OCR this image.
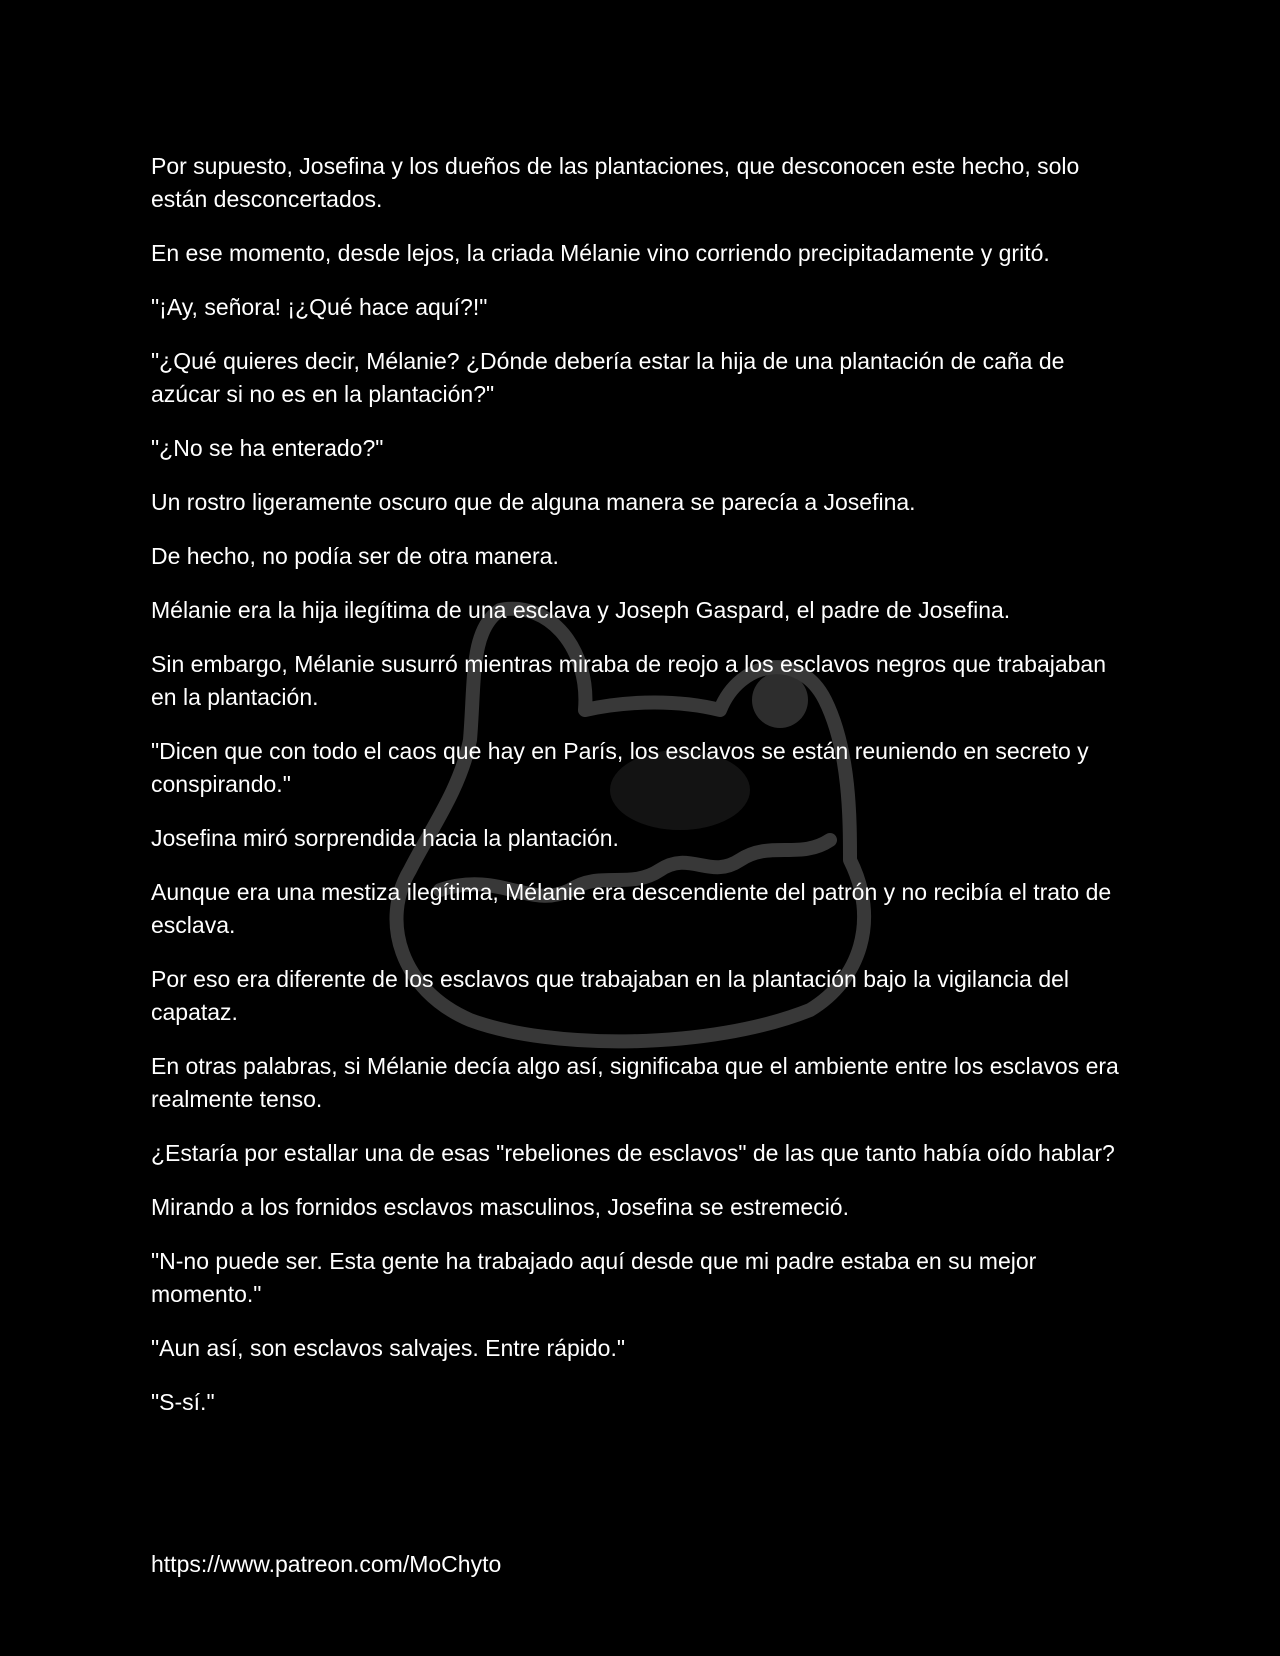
Por supuesto, Josefina y los dueños de las plantaciones, que desconocen este hecho, solo están desconcertados.

En ese momento, desde lejos, la criada Mélanie vino corriendo precipitadamente y gritó.

"¡Ay, señora! ¡¿Qué hace aquí?!"

"¿Qué quieres decir, Mélanie? ¿Dónde debería estar la hija de una plantación de caña de azúcar si no es en la plantación?"

"¿No se ha enterado?"

Un rostro ligeramente oscuro que de alguna manera se parecía a Josefina.

De hecho, no podía ser de otra manera.

Mélanie era la hija ilegítima de una esclava y Joseph Gaspard, el padre de Josefina.

Sin embargo, Mélanie susurró mientras miraba de reojo a los esclavos negros que trabajaban en la plantación.

"Dicen que con todo el caos que hay en París, los esclavos se están reuniendo en secreto y conspirando."

Josefina miró sorprendida hacia la plantación.

Aunque era una mestiza ilegítima, Mélanie era descendiente del patrón y no recibía el trato de esclava.

Por eso era diferente de los esclavos que trabajaban en la plantación bajo la vigilancia del capataz.

En otras palabras, si Mélanie decía algo así, significaba que el ambiente entre los esclavos era realmente tenso.

¿Estaría por estallar una de esas "rebeliones de esclavos" de las que tanto había oído hablar?

Mirando a los fornidos esclavos masculinos, Josefina se estremeció.

"N-no puede ser. Esta gente ha trabajado aquí desde que mi padre estaba en su mejor momento."

"Aun así, son esclavos salvajes. Entre rápido."

"S-sí."

https://www.patreon.com/MoChyto
